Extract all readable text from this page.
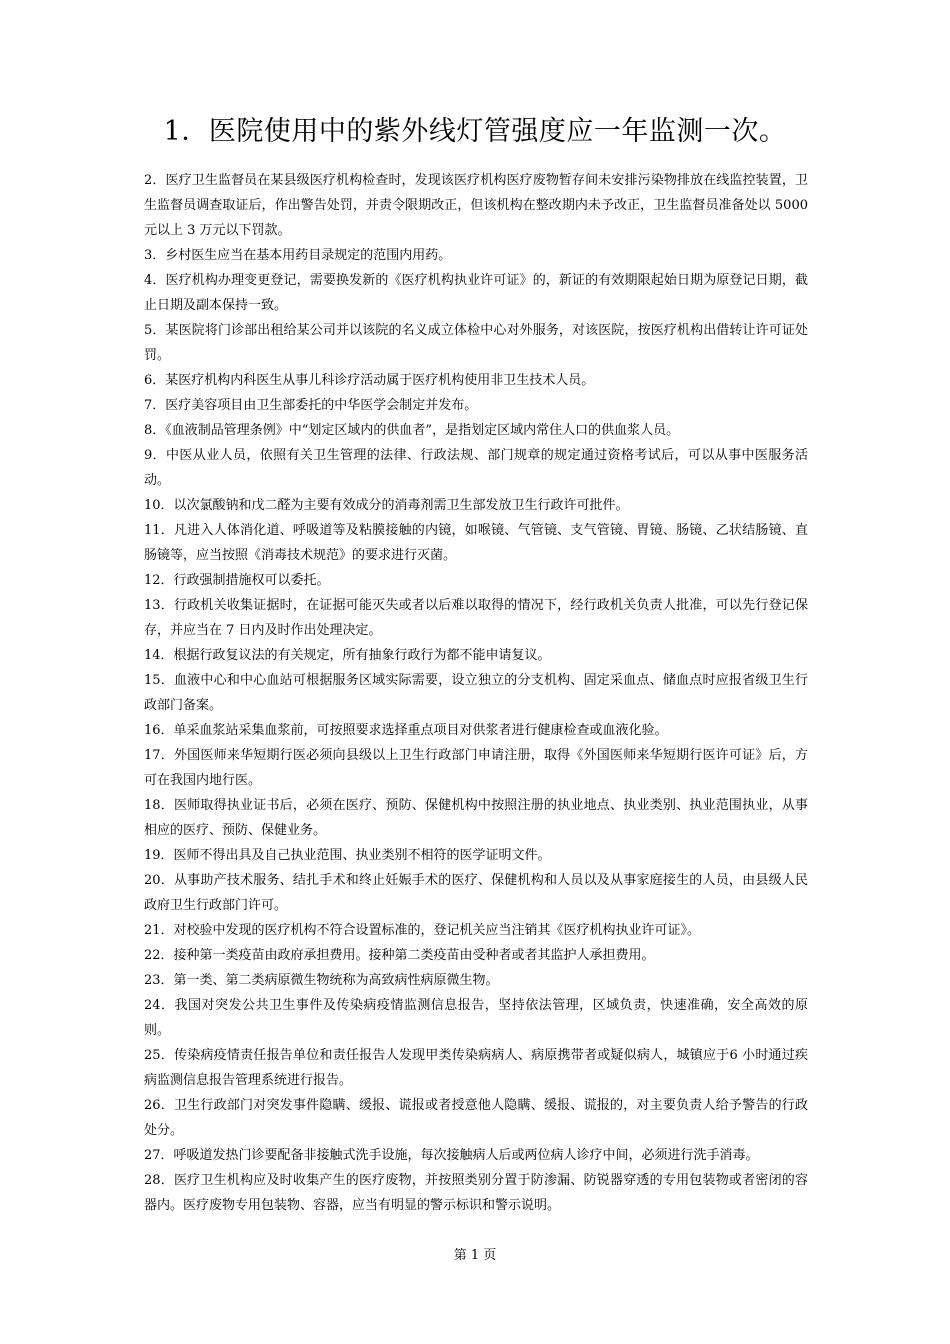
1．医院使用中的紫外线灯管强度应一年监测一次。
2．医疗卫生监督员在某县级医疗机构检查时，发现该医疗机构医疗废物暂存间未安排污染物排放在线监控装置，卫生监督员调查取证后，作出警告处罚，并责令限期改正，但该机构在整改期内未予改正，卫生监督员准备处以 5000 元以上 3 万元以下罚款。
3．乡村医生应当在基本用药目录规定的范围内用药。
4．医疗机构办理变更登记，需要换发新的《医疗机构执业许可证》的，新证的有效期限起始日期为原登记日期，截止日期及副本保持一致。
5．某医院将门诊部出租给某公司并以该院的名义成立体检中心对外服务，对该医院，按医疗机构出借转让许可证处罚。
6．某医疗机构内科医生从事儿科诊疗活动属于医疗机构使用非卫生技术人员。
7．医疗美容项目由卫生部委托的中华医学会制定并发布。
8．《血液制品管理条例》中“划定区域内的供血者”，是指划定区域内常住人口的供血浆人员。
9．中医从业人员，依照有关卫生管理的法律、行政法规、部门规章的规定通过资格考试后，可以从事中医服务活动。
10．以次氯酸钠和戊二醛为主要有效成分的消毒剂需卫生部发放卫生行政许可批件。
11．凡进入人体消化道、呼吸道等及粘膜接触的内镜，如喉镜、气管镜、支气管镜、胃镜、肠镜、乙状结肠镜、直肠镜等，应当按照《消毒技术规范》的要求进行灭菌。
12．行政强制措施权可以委托。
13．行政机关收集证据时，在证据可能灭失或者以后难以取得的情况下，经行政机关负责人批准，可以先行登记保存，并应当在 7 日内及时作出处理决定。
14．根据行政复议法的有关规定，所有抽象行政行为都不能申请复议。
15．血液中心和中心血站可根据服务区域实际需要，设立独立的分支机构、固定采血点、储血点时应报省级卫生行政部门备案。
16．单采血浆站采集血浆前，可按照要求选择重点项目对供浆者进行健康检查或血液化验。
17．外国医师来华短期行医必须向县级以上卫生行政部门申请注册，取得《外国医师来华短期行医许可证》后，方可在我国内地行医。
18．医师取得执业证书后，必须在医疗、预防、保健机构中按照注册的执业地点、执业类别、执业范围执业，从事相应的医疗、预防、保健业务。
19．医师不得出具及自己执业范围、执业类别不相符的医学证明文件。
20．从事助产技术服务、结扎手术和终止妊娠手术的医疗、保健机构和人员以及从事家庭接生的人员，由县级人民政府卫生行政部门许可。
21．对校验中发现的医疗机构不符合设置标准的，登记机关应当注销其《医疗机构执业许可证》。
22．接种第一类疫苗由政府承担费用。接种第二类疫苗由受种者或者其监护人承担费用。
23．第一类、第二类病原微生物统称为高致病性病原微生物。
24．我国对突发公共卫生事件及传染病疫情监测信息报告，坚持依法管理，区域负责，快速准确，安全高效的原则。
25．传染病疫情责任报告单位和责任报告人发现甲类传染病病人、病原携带者或疑似病人，城镇应于6 小时通过疾病监测信息报告管理系统进行报告。
26．卫生行政部门对突发事件隐瞒、缓报、谎报或者授意他人隐瞒、缓报、谎报的，对主要负责人给予警告的行政处分。
27．呼吸道发热门诊要配备非接触式洗手设施，每次接触病人后或两位病人诊疗中间，必须进行洗手消毒。
28．医疗卫生机构应及时收集产生的医疗废物，并按照类别分置于防渗漏、防锐器穿透的专用包装物或者密闭的容器内。医疗废物专用包装物、容器，应当有明显的警示标识和警示说明。
第 1 页
